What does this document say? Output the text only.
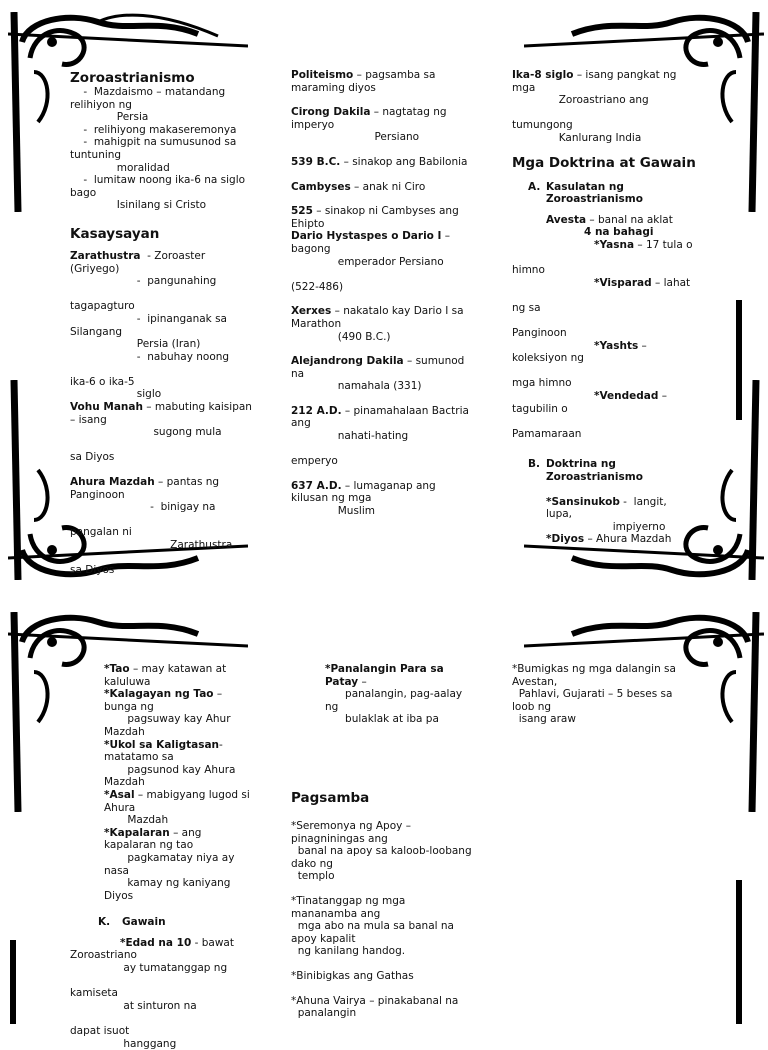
Zoroastrianismo

-  Mazdaismo – matandang
relihiyon ng
Persia

-  relihiyong makaseremonya

-  mahigpit na sumusunod sa
tuntuning
moralidad

-  lumitaw noong ika-6 na siglo
bago
Isinilang si Cristo

Kasaysayan

Zarathustra  - Zoroaster
(Griyego)
-  pangunahing

tagapagturo
-  ipinanganak sa
Silangang
Persia (Iran)
-  nabuhay noong

ika-6 o ika-5
siglo

Vohu Manah – mabuting kaisipan
– isang
sugong mula

sa Diyos

Ahura Mazdah – pantas ng
Panginoon
-  binigay na

pangalan ni
Zarathustra

sa Diyos

Politeismo – pagsamba sa
maraming diyos

Cirong Dakila – nagtatag ng
imperyo
Persiano

539 B.C. – sinakop ang Babilonia

Cambyses – anak ni Ciro

525 – sinakop ni Cambyses ang
Ehipto

Dario Hystaspes o Dario I –
bagong
emperador Persiano

(522-486)

Xerxes – nakatalo kay Dario I sa
Marathon
(490 B.C.)

Alejandrong Dakila – sumunod
na
namahala (331)

212 A.D. – pinamahalaan Bactria
ang
nahati-hating

emperyo

637 A.D. – lumaganap ang
kilusan ng mga
Muslim

Ika-8 siglo – isang pangkat ng
mga
Zoroastriano ang

tumungong
Kanlurang India

Mga Doktrina at Gawain

A. Kasulatan ng
Zoroastrianismo

Avesta – banal na aklat

4 na bahagi

*Yasna – 17 tula o

himno

*Visparad – lahat

ng sa

Panginoon

*Yashts –
koleksiyon ng

mga himno

*Vendedad –
tagubilin o

Pamamaraan

B. Doktrina ng
Zoroastrianismo

*Sansinukob -  langit,
lupa,
impiyerno

*Diyos – Ahura Mazdah

*Tao – may katawan at
kaluluwa

*Kalagayan ng Tao –
bunga ng
pagsuway kay Ahur
Mazdah

*Ukol sa Kaligtasan-
matatamo sa
pagsunod kay Ahura
Mazdah

*Asal – mabigyang lugod si
Ahura
Mazdah

*Kapalaran – ang
kapalaran ng tao
pagkamatay niya ay
nasa
kamay ng kaniyang
Diyos

K.	Gawain

*Edad na 10 - bawat
Zoroastriano
ay tumatanggap ng

kamiseta
at sinturon na

dapat isuot
hanggang

*Panalangin Para sa
Patay –
panalangin, pag-aalay
ng
bulaklak at iba pa

Pagsamba

*Seremonya ng Apoy –
pinagniningas ang
banal na apoy sa kaloob-loobang
dako ng
templo

*Tinatanggap ng mga
mananamba ang
mga abo na mula sa banal na
apoy kapalit
ng kanilang handog.

*Binibigkas ang Gathas

*Ahuna Vairya – pinakabanal na
panalangin

*Bumigkas ng mga dalangin sa
Avestan,
Pahlavi, Gujarati – 5 beses sa
loob ng
isang araw
